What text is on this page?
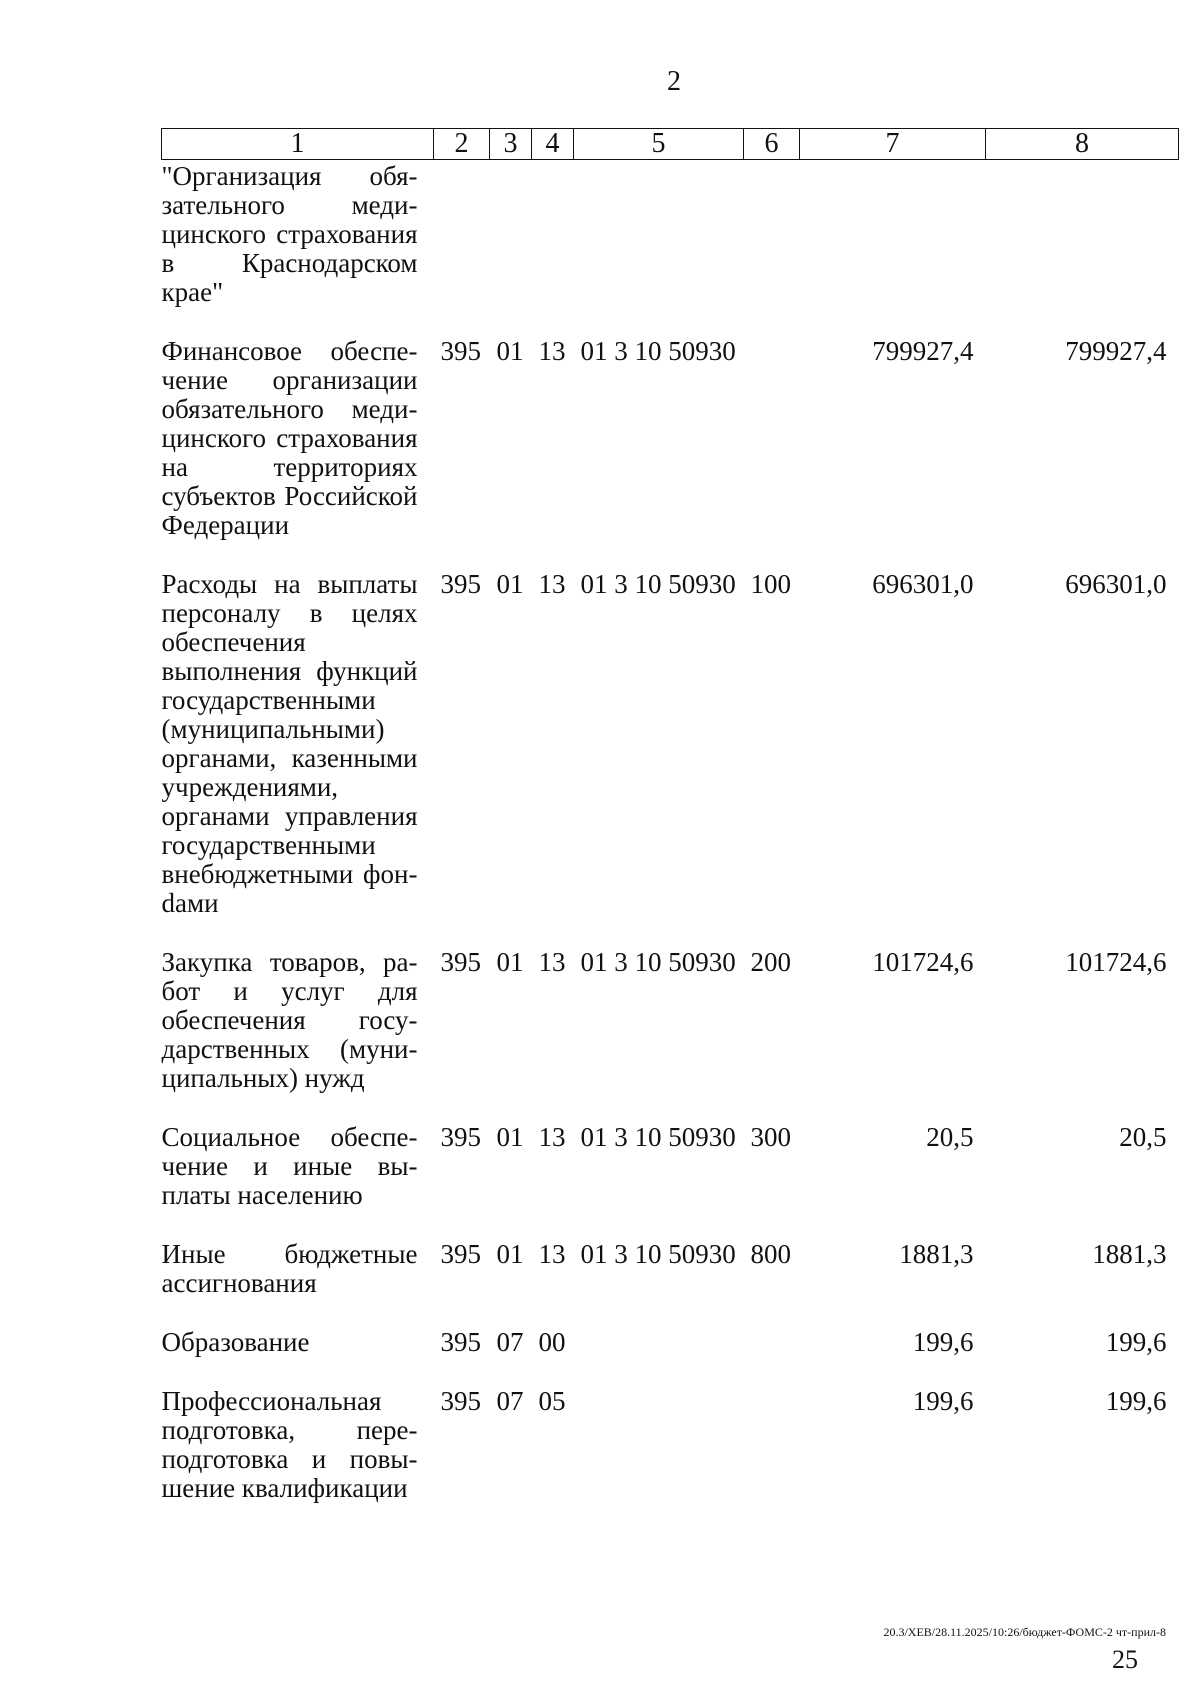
2
1	2	3	4	5	6	7	8
"Организация обязательного медицинского страхования в Краснодарском крае"							

Финансовое обеспечение организации обязательного медицинского страхования на территориях субъектов Российской Федерации	395	01	13	01 3 10 50930		799927,4	799927,4

Расходы на выплаты персоналу в целях обеспечения выполнения функций государственными (муниципальными) органами, казенными учреждениями, органами управления государственными внебюджетными фонdами	395	01	13	01 3 10 50930	100	696301,0	696301,0

Закупка товаров, работ и услуг для обеспечения государственных (муниципальных) нужд	395	01	13	01 3 10 50930	200	101724,6	101724,6

Социальное обеспечение и иные выплаты населению	395	01	13	01 3 10 50930	300	20,5	20,5

Иные бюджетные ассигнования	395	01	13	01 3 10 50930	800	1881,3	1881,3

Образование	395	07	00			199,6	199,6

Профессиональная подготовка, переподготовка и повышение квалификации	395	07	05			199,6	199,6
20.3/ХЕВ/28.11.2025/10:26/бюджет-ФОМС-2 чт-прил-8
25
